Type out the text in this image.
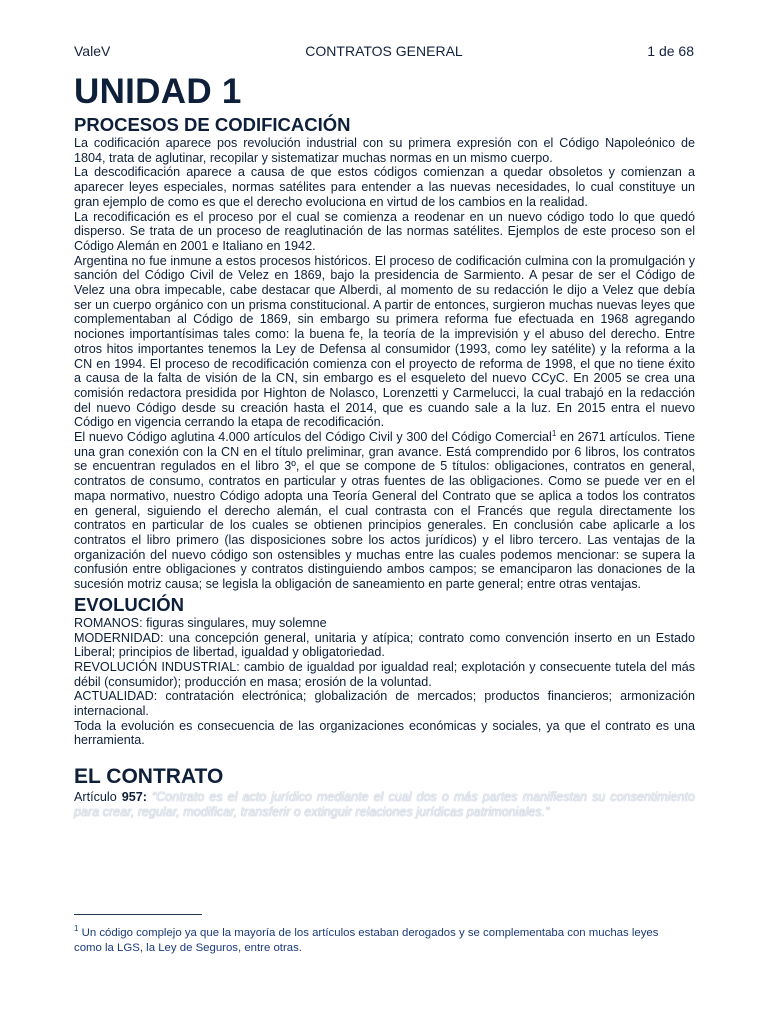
ValeV	CONTRATOS GENERAL	1 de 68
UNIDAD 1
PROCESOS DE CODIFICACIÓN

La codificación aparece pos revolución industrial con su primera expresión con el Código Napoleónico de 1804, trata de aglutinar, recopilar y sistematizar muchas normas en un mismo cuerpo.

La descodificación aparece a causa de que estos códigos comienzan a quedar obsoletos y comienzan a aparecer leyes especiales, normas satélites para entender a las nuevas necesidades, lo cual constituye un gran ejemplo de como es que el derecho evoluciona en virtud de los cambios en la realidad.

La recodificación es el proceso por el cual se comienza a reodenar en un nuevo código todo lo que quedó disperso. Se trata de un proceso de reaglutinación de las normas satélites. Ejemplos de este proceso son el Código Alemán en 2001 e Italiano en 1942.

Argentina no fue inmune a estos procesos históricos. El proceso de codificación culmina con la promulgación y sanción del Código Civil de Velez en 1869, bajo la presidencia de Sarmiento. A pesar de ser el Código de Velez una obra impecable, cabe destacar que Alberdi, al momento de su redacción le dijo a Velez que debía ser un cuerpo orgánico con un prisma constitucional. A partir de entonces, surgieron muchas nuevas leyes que complementaban al Código de 1869, sin embargo su primera reforma fue efectuada en 1968 agregando nociones importantísimas tales como: la buena fe, la teoría de la imprevisión y el abuso del derecho. Entre otros hitos importantes tenemos la Ley de Defensa al consumidor (1993, como ley satélite) y la reforma a la CN en 1994. El proceso de recodificación comienza con el proyecto de reforma de 1998, el que no tiene éxito a causa de la falta de visión de la CN, sin embargo es el esqueleto del nuevo CCyC. En 2005 se crea una comisión redactora presidida por Highton de Nolasco, Lorenzetti y Carmelucci, la cual trabajó en la redacción del nuevo Código desde su creación hasta el 2014, que es cuando sale a la luz. En 2015 entra el nuevo Código en vigencia cerrando la etapa de recodificación.

El nuevo Código aglutina 4.000 artículos del Código Civil y 300 del Código Comercial$^1$ en 2671 artículos. Tiene una gran conexión con la CN en el título preliminar, gran avance. Está comprendido por 6 libros, los contratos se encuentran regulados en el libro 3º, el que se compone de 5 títulos: obligaciones, contratos en general, contratos de consumo, contratos en particular y otras fuentes de las obligaciones. Como se puede ver en el mapa normativo, nuestro Código adopta una Teoría General del Contrato que se aplica a todos los contratos en general, siguiendo el derecho alemán, el cual contrasta con el Francés que regula directamente los contratos en particular de los cuales se obtienen principios generales. En conclusión cabe aplicarle a los contratos el libro primero (las disposiciones sobre los actos jurídicos) y el libro tercero. Las ventajas de la organización del nuevo código son ostensibles y muchas entre las cuales podemos mencionar: se supera la confusión entre obligaciones y contratos distinguiendo ambos campos; se emanciparon las donaciones de la sucesión motriz causa; se legisla la obligación de saneamiento en parte general; entre otras ventajas.

EVOLUCIÓN

ROMANOS: figuras singulares, muy solemne

MODERNIDAD: una concepción general, unitaria y atípica; contrato como convención inserto en un Estado Liberal; principios de libertad, igualdad y obligatoriedad.

REVOLUCIÓN INDUSTRIAL: cambio de igualdad por igualdad real; explotación y consecuente tutela del más débil (consumidor); producción en masa; erosión de la voluntad.

ACTUALIDAD: contratación electrónica; globalización de mercados; productos financieros; armonización internacional.

Toda la evolución es consecuencia de las organizaciones económicas y sociales, ya que el contrato es una herramienta.

EL CONTRATO

Artículo 957: “Contrato es el acto jurídico mediante el cual dos o más partes manifiestan su consentimiento para crear, regular, modificar, transferir o extinguir relaciones jurídicas patrimoniales.”

$^1$ Un código complejo ya que la mayoría de los artículos estaban derogados y se complementaba con muchas leyes como la LGS, la Ley de Seguros, entre otras.
